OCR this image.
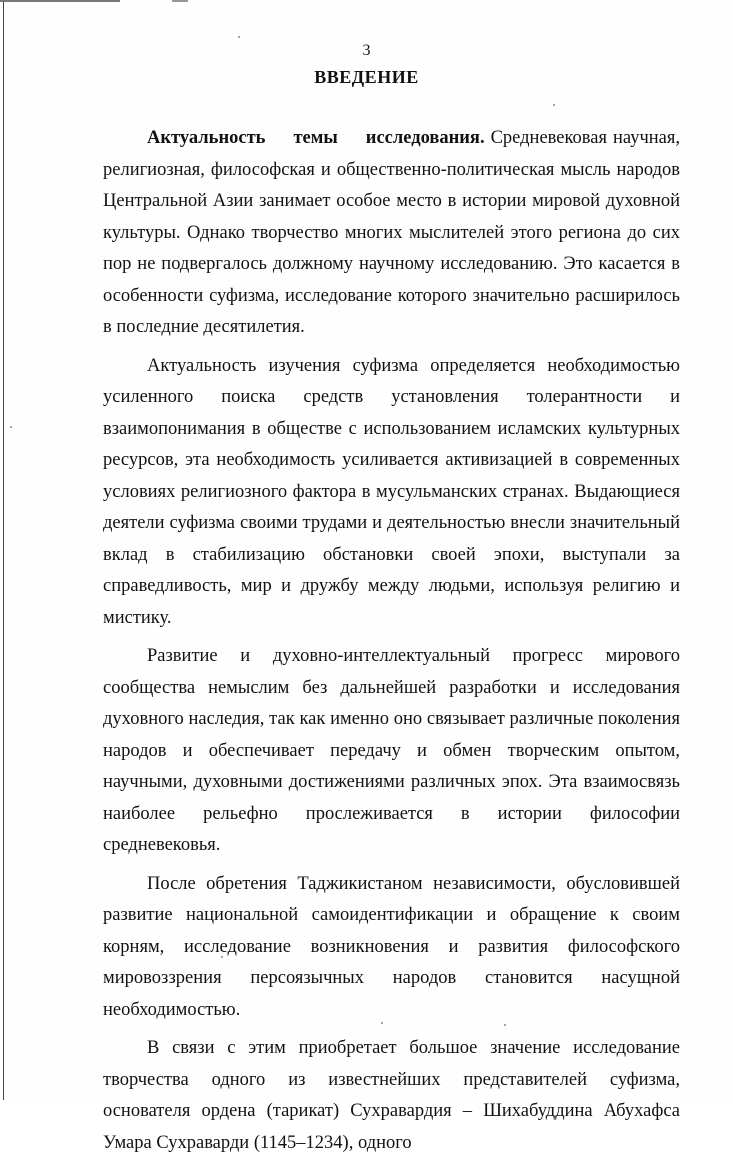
3
ВВЕДЕНИЕ

Актуальность темы исследования. Средневековая научная, религиозная, философская и общественно-политическая мысль народов Центральной Азии занимает особое место в истории мировой духовной культуры. Однако творчество многих мыслителей этого региона до сих пор не подвергалось должному научному исследованию. Это касается в особенности суфизма, исследование которого значительно расширилось в последние десятилетия.

Актуальность изучения суфизма определяется необходимостью усиленного поиска средств установления толерантности и взаимопонимания в обществе с использованием исламских культурных ресурсов, эта необходимость усиливается активизацией в современных условиях религиозного фактора в мусульманских странах. Выдающиеся деятели суфизма своими трудами и деятельностью внесли значительный вклад в стабилизацию обстановки своей эпохи, выступали за справедливость, мир и дружбу между людьми, используя религию и мистику.

Развитие и духовно-интеллектуальный прогресс мирового сообщества немыслим без дальнейшей разработки и исследования духовного наследия, так как именно оно связывает различные поколения народов и обеспечивает передачу и обмен творческим опытом, научными, духовными достижениями различных эпох. Эта взаимосвязь наиболее рельефно прослеживается в истории философии средневековья.

После обретения Таджикистаном независимости, обусловившей развитие национальной самоидентификации и обращение к своим корням, исследование возникновения и развития философского мировоззрения персоязычных народов становится насущной необходимостью.

В связи с этим приобретает большое значение исследование творчества одного из известнейших представителей суфизма, основателя ордена (тарикат) Сухравардия – Шихабуддина Абухафса Умара Сухраварди (1145–1234), одного
